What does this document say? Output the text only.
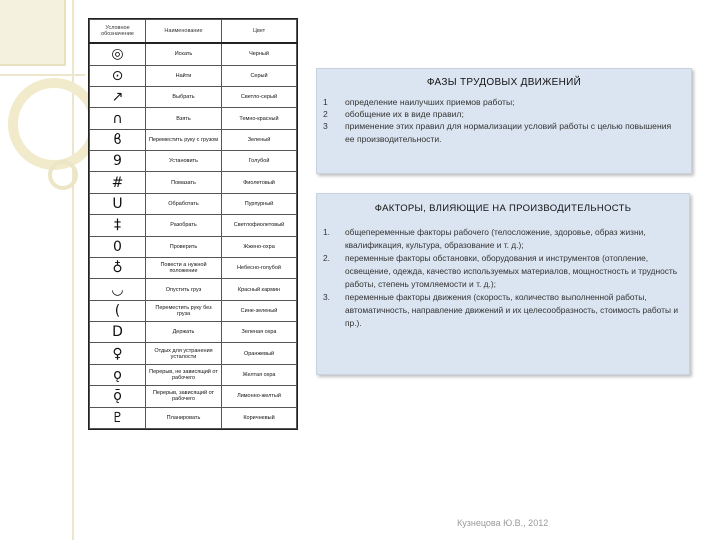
Условное обозначение	Наименование	Цвет
◎	Искать	Черный
⊙	Найти	Серый
↗	Выбрать	Светло-серый
∩	Взять	Темно-красный
ϐ	Переместить руку с грузом	Зеленый
9	Установить	Голубой
#	Помазать	Фиолетовый
U	Обработать	Пурпурный
‡	Разобрать	Светлофиолетовый
0	Проверить	Жжено-охра
♁	Повести а нужной положение	Небесно-голубой
◡	Опустить груз	Красный кармин
(	Переместить руку без груза	Сине-зеленый
D	Держать	Зеленая охра
♀	Отдых для устранения усталости	Оранжевый
ǫ	Перерыв, не зависящий от рабочего	Желтая охра
ǭ	Перерыв, зависящий от рабочего	Лимонно-желтый
♇	Планировать	Коричневый
ФАЗЫ ТРУДОВЫХ ДВИЖЕНИЙ
1 определение наилучших приемов работы;
2 обобщение их в виде правил;
3 применение этих правил для нормализации условий работы с целью повышения ее производительности.
ФАКТОРЫ, ВЛИЯЮЩИЕ НА ПРОИЗВОДИТЕЛЬНОСТЬ
1. общепеременные факторы рабочего (телосложение, здоровье, образ жизни, квалификация, культура, образование и т. д.);
2. переменные факторы обстановки, оборудования и инструментов (отопление, освещение, одежда, качество используемых материалов, мощностность и трудность работы, степень утомляемости и т. д.);
3. переменные факторы движения (скорость, количество выполненной работы, автоматичность, направление движений и их целесообразность, стоимость работы и пр.).
Кузнецова Ю.В., 2012
